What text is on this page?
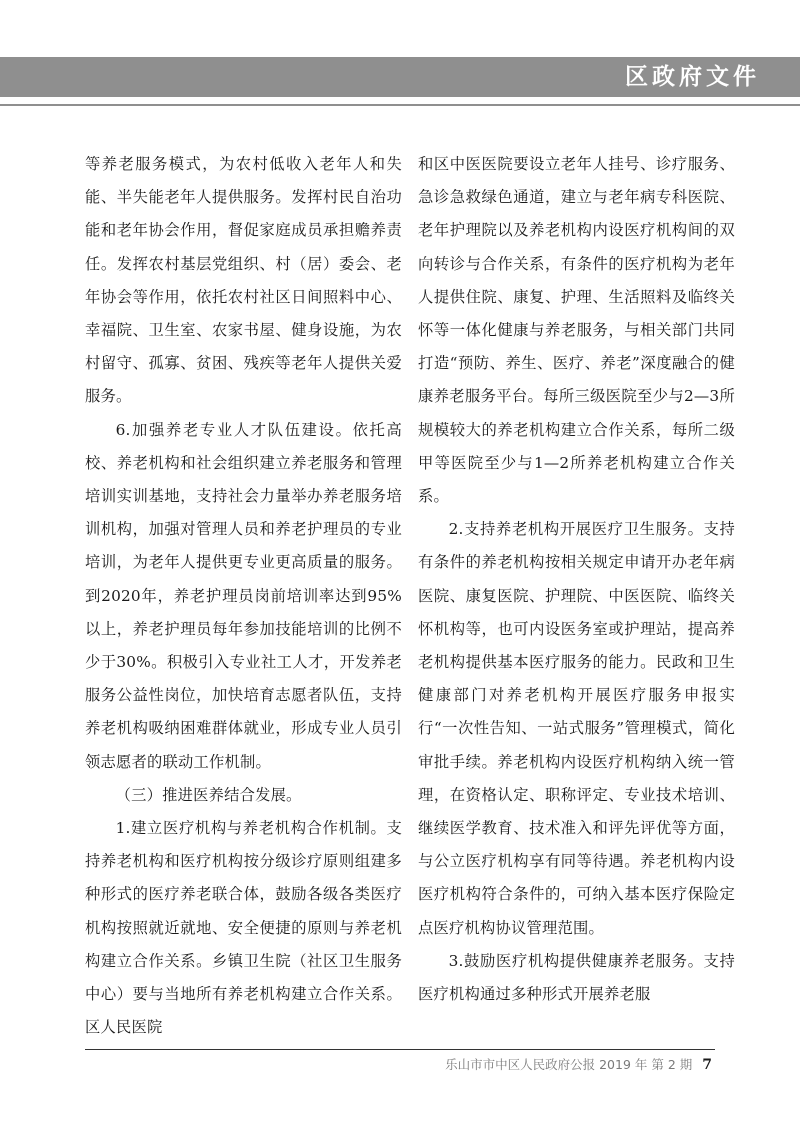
区政府文件

等养老服务模式，为农村低收入老年人和失能、半失能老年人提供服务。发挥村民自治功能和老年协会作用，督促家庭成员承担赡养责任。发挥农村基层党组织、村（居）委会、老年协会等作用，依托农村社区日间照料中心、幸福院、卫生室、农家书屋、健身设施，为农村留守、孤寡、贫困、残疾等老年人提供关爱服务。

6.加强养老专业人才队伍建设。依托高校、养老机构和社会组织建立养老服务和管理培训实训基地，支持社会力量举办养老服务培训机构，加强对管理人员和养老护理员的专业培训，为老年人提供更专业更高质量的服务。到2020年，养老护理员岗前培训率达到95%以上，养老护理员每年参加技能培训的比例不少于30%。积极引入专业社工人才，开发养老服务公益性岗位，加快培育志愿者队伍，支持养老机构吸纳困难群体就业，形成专业人员引领志愿者的联动工作机制。

（三）推进医养结合发展。

1.建立医疗机构与养老机构合作机制。支持养老机构和医疗机构按分级诊疗原则组建多种形式的医疗养老联合体，鼓励各级各类医疗机构按照就近就地、安全便捷的原则与养老机构建立合作关系。乡镇卫生院（社区卫生服务中心）要与当地所有养老机构建立合作关系。区人民医院

和区中医医院要设立老年人挂号、诊疗服务、急诊急救绿色通道，建立与老年病专科医院、老年护理院以及养老机构内设医疗机构间的双向转诊与合作关系，有条件的医疗机构为老年人提供住院、康复、护理、生活照料及临终关怀等一体化健康与养老服务，与相关部门共同打造“预防、养生、医疗、养老”深度融合的健康养老服务平台。每所三级医院至少与2—3所规模较大的养老机构建立合作关系，每所二级甲等医院至少与1—2所养老机构建立合作关系。

2.支持养老机构开展医疗卫生服务。支持有条件的养老机构按相关规定申请开办老年病医院、康复医院、护理院、中医医院、临终关怀机构等，也可内设医务室或护理站，提高养老机构提供基本医疗服务的能力。民政和卫生健康部门对养老机构开展医疗服务申报实行“一次性告知、一站式服务”管理模式，简化审批手续。养老机构内设医疗机构纳入统一管理，在资格认定、职称评定、专业技术培训、继续医学教育、技术准入和评先评优等方面，与公立医疗机构享有同等待遇。养老机构内设医疗机构符合条件的，可纳入基本医疗保险定点医疗机构协议管理范围。

3.鼓励医疗机构提供健康养老服务。支持医疗机构通过多种形式开展养老服

乐山市市中区人民政府公报 2019 年 第 2 期 7
